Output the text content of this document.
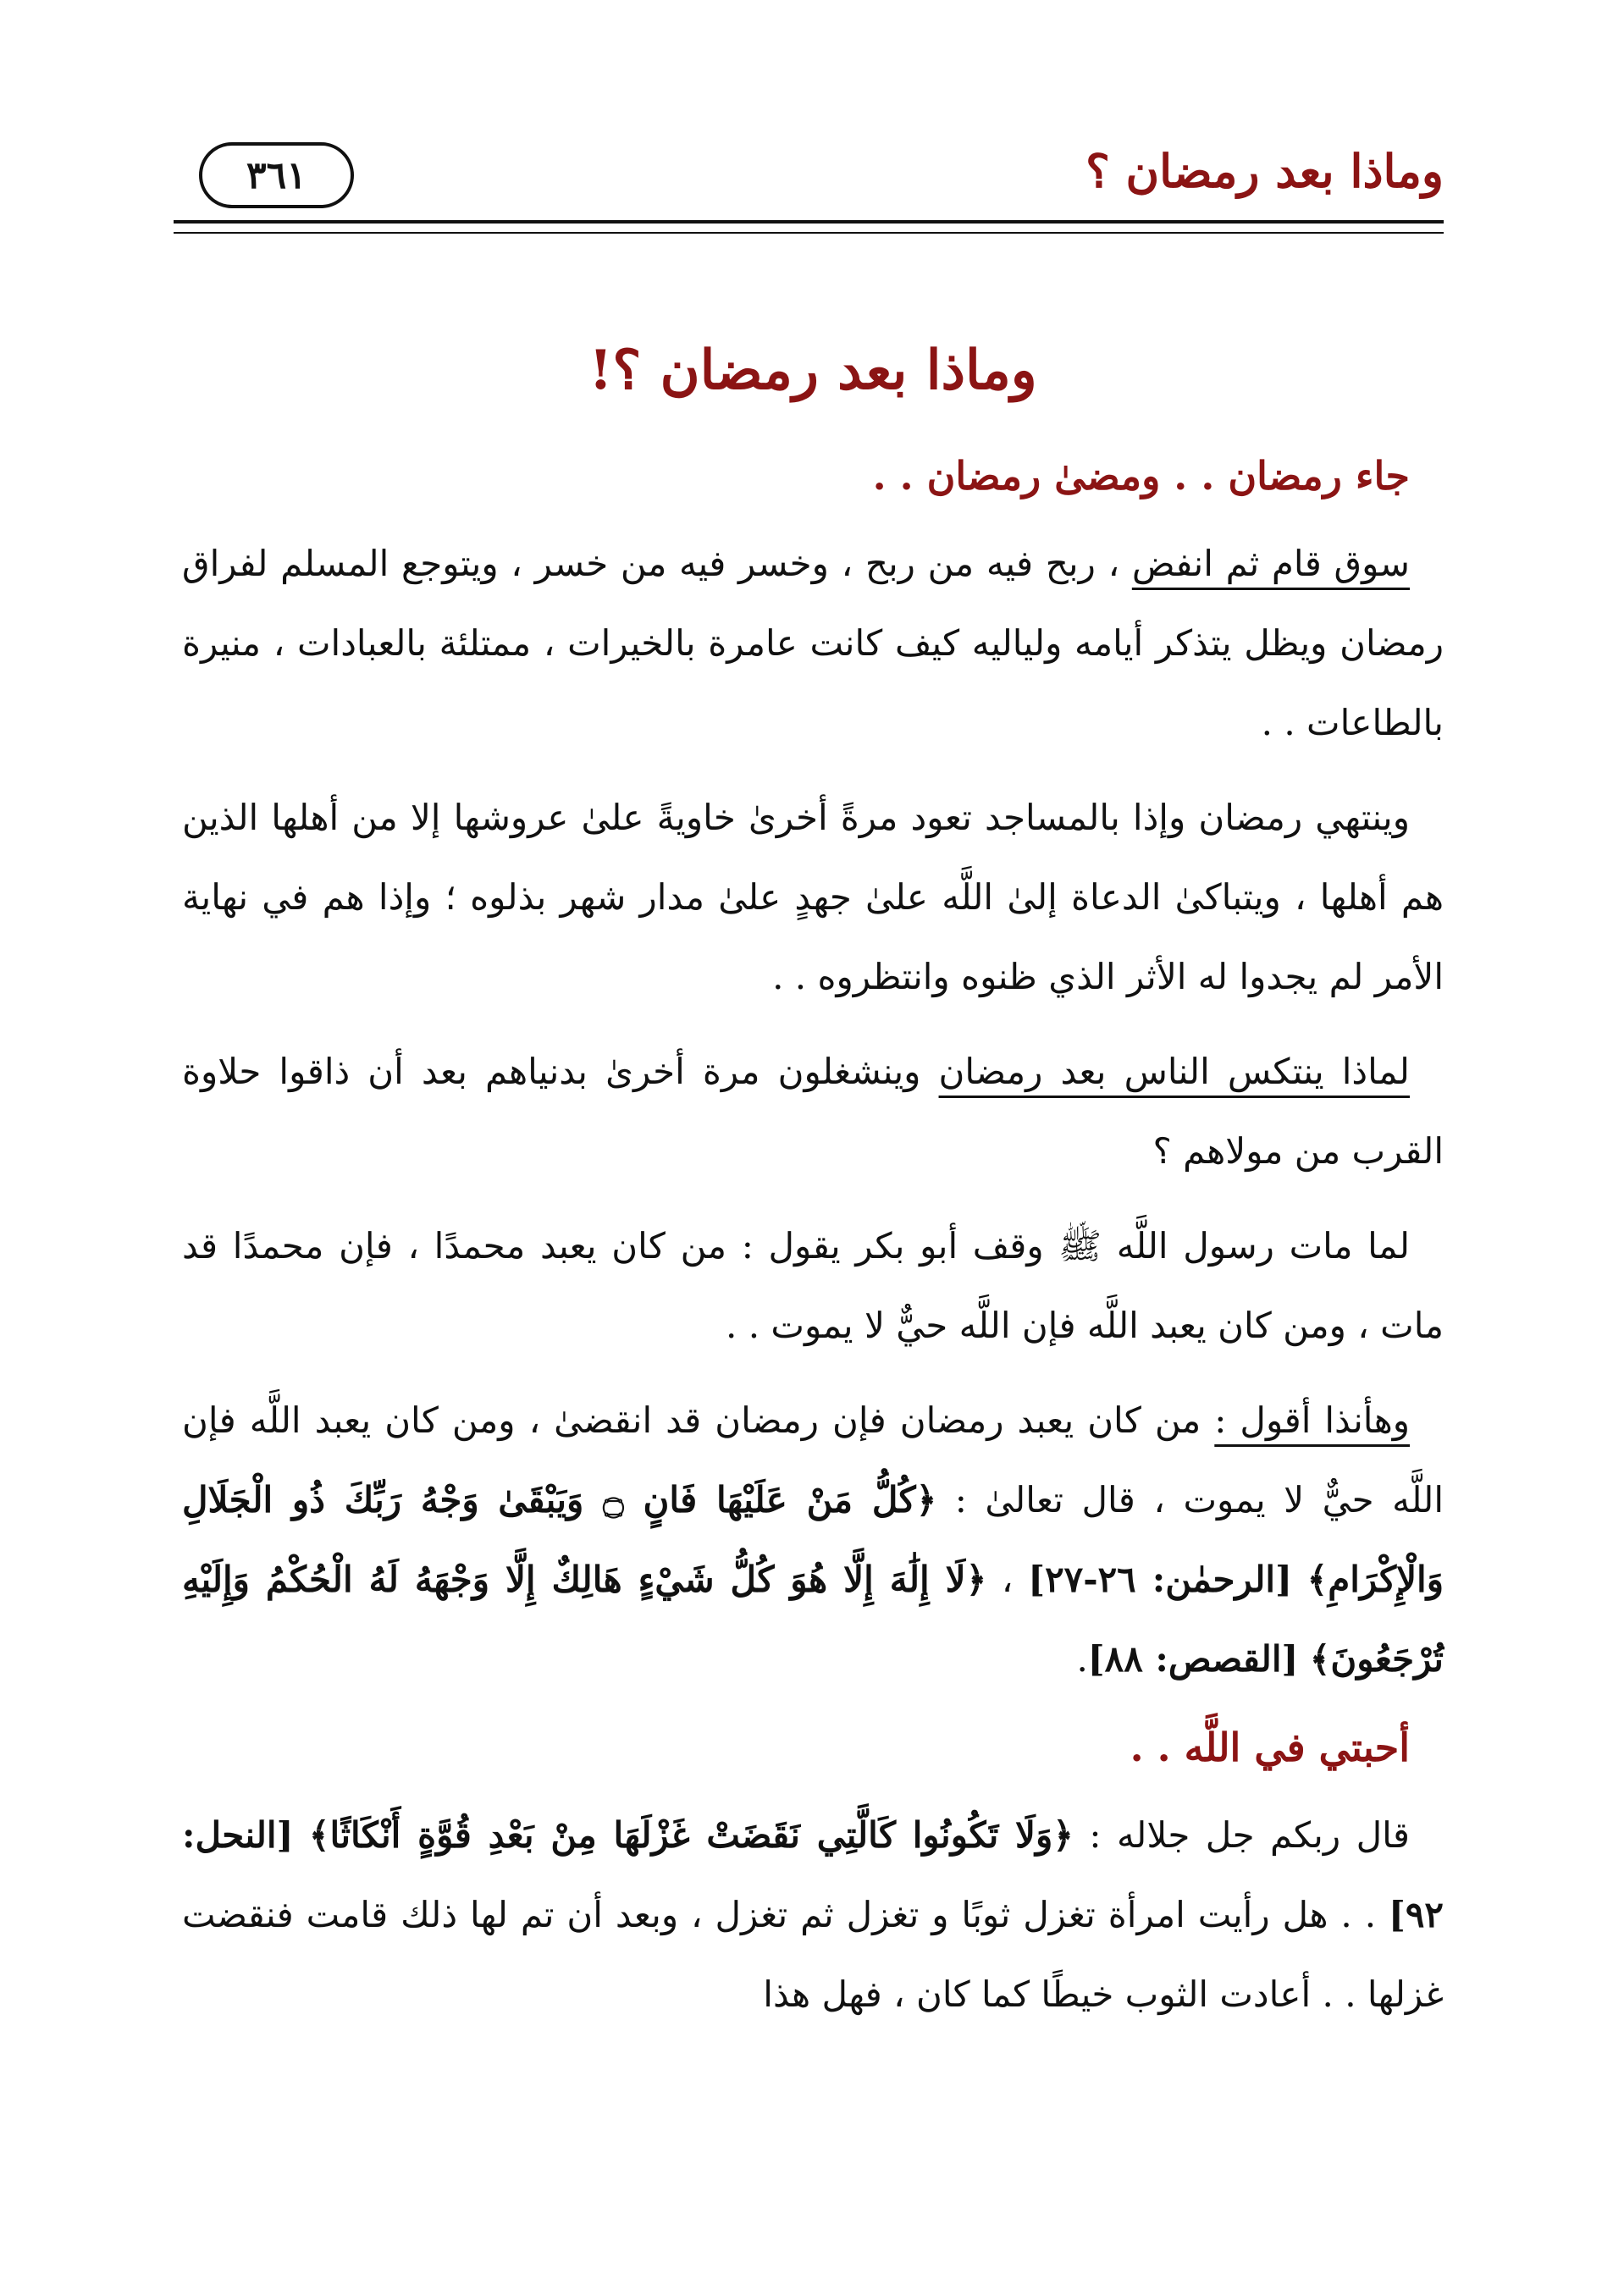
وماذا بعد رمضان ؟
٣٦١
وماذا بعد رمضان ؟!
جاء رمضان . . ومضىٰ رمضان . .

سوق قام ثم انفض ، ربح فيه من ربح ، وخسر فيه من خسر ، ويتوجع المسلم لفراق رمضان ويظل يتذكر أيامه ولياليه كيف كانت عامرة بالخيرات ، ممتلئة بالعبادات ، منيرة بالطاعات . .

وينتهي رمضان وإذا بالمساجد تعود مرةً أخرىٰ خاويةً علىٰ عروشها إلا من أهلها الذين هم أهلها ، ويتباكىٰ الدعاة إلىٰ اللَّه علىٰ جهدٍ علىٰ مدار شهر بذلوه ؛ وإذا هم في نهاية الأمر لم يجدوا له الأثر الذي ظنوه وانتظروه . .

لماذا ينتكس الناس بعد رمضان وينشغلون مرة أخرىٰ بدنياهم بعد أن ذاقوا حلاوة القرب من مولاهم ؟

لما مات رسول اللَّه ﷺ وقف أبو بكر يقول : من كان يعبد محمدًا ، فإن محمدًا قد مات ، ومن كان يعبد اللَّه فإن اللَّه حيٌّ لا يموت . .

وهأنذا أقول : من كان يعبد رمضان فإن رمضان قد انقضىٰ ، ومن كان يعبد اللَّه فإن اللَّه حيٌّ لا يموت ، قال تعالىٰ : ﴿كُلُّ مَنْ عَلَيْهَا فَانٍ ۝ وَيَبْقَىٰ وَجْهُ رَبِّكَ ذُو الْجَلَالِ وَالْإِكْرَامِ﴾ [الرحمٰن: ٢٦-٢٧] ، ﴿لَا إِلَٰهَ إِلَّا هُوَ كُلُّ شَيْءٍ هَالِكٌ إِلَّا وَجْهَهُ لَهُ الْحُكْمُ وَإِلَيْهِ تُرْجَعُونَ﴾ [القصص: ٨٨].

أحبتي في اللَّه . .

قال ربكم جل جلاله : ﴿وَلَا تَكُونُوا كَالَّتِي نَقَضَتْ غَزْلَهَا مِنْ بَعْدِ قُوَّةٍ أَنْكَاثًا﴾ [النحل: ٩٢] . . هل رأيت امرأة تغزل ثوبًا و تغزل ثم تغزل ، وبعد أن تم لها ذلك قامت فنقضت غزلها . . أعادت الثوب خيطًا كما كان ، فهل هذا
